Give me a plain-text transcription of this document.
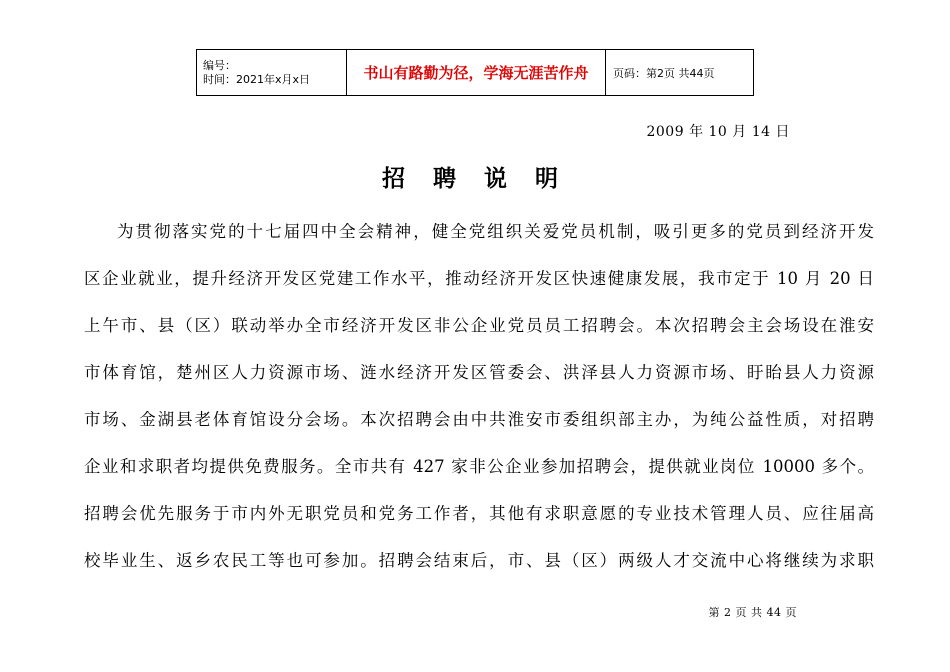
编号：
时间：2021年x月x日	书山有路勤为径，学海无涯苦作舟	页码：第2页 共44页
2009 年 10 月 14 日
招 聘 说 明
为贯彻落实党的十七届四中全会精神，健全党组织关爱党员机制，吸引更多的党员到经济开发
区企业就业，提升经济开发区党建工作水平，推动经济开发区快速健康发展，我市定于 10 月 20 日
上午市、县（区）联动举办全市经济开发区非公企业党员员工招聘会。本次招聘会主会场设在淮安
市体育馆，楚州区人力资源市场、涟水经济开发区管委会、洪泽县人力资源市场、盱眙县人力资源
市场、金湖县老体育馆设分会场。本次招聘会由中共淮安市委组织部主办，为纯公益性质，对招聘
企业和求职者均提供免费服务。全市共有 427 家非公企业参加招聘会，提供就业岗位 10000 多个。
招聘会优先服务于市内外无职党员和党务工作者，其他有求职意愿的专业技术管理人员、应往届高
校毕业生、返乡农民工等也可参加。招聘会结束后，市、县（区）两级人才交流中心将继续为求职
第 2 页 共 44 页
